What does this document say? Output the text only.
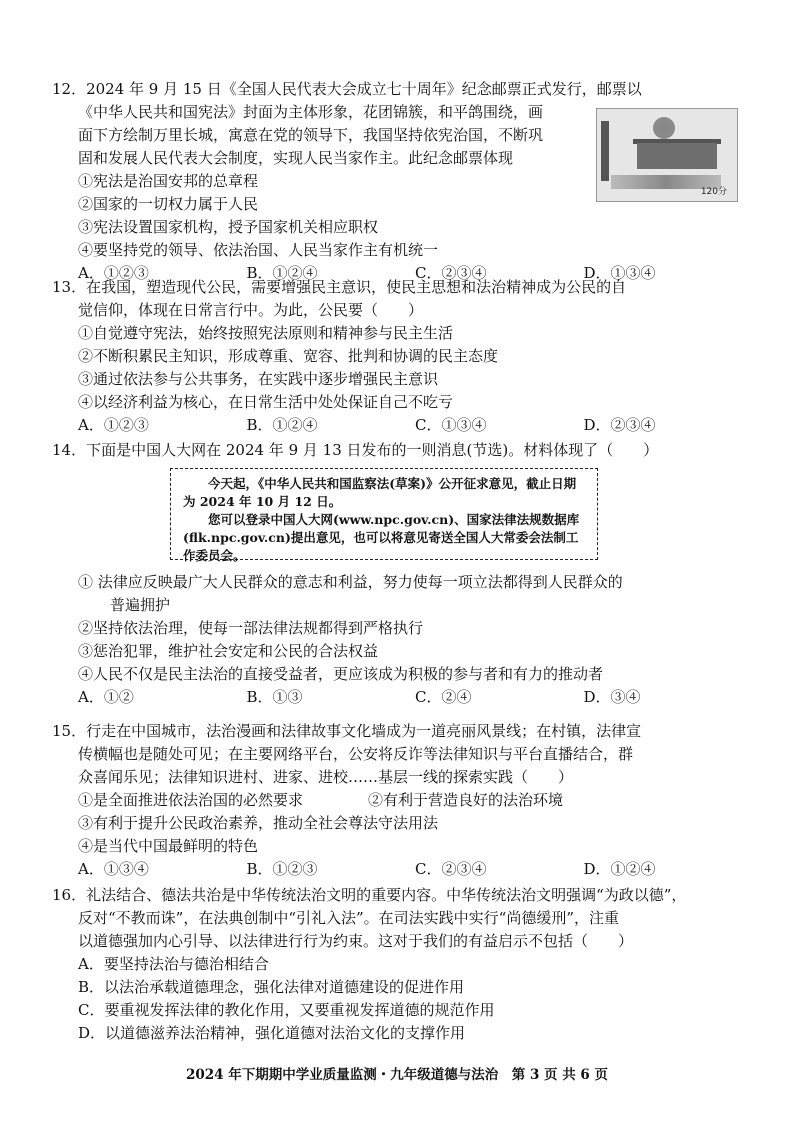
12．2024 年 9 月 15 日《全国人民代表大会成立七十周年》纪念邮票正式发行，邮票以
《中华人民共和国宪法》封面为主体形象，花团锦簇，和平鸽围绕，画
面下方绘制万里长城，寓意在党的领导下，我国坚持依宪治国，不断巩
固和发展人民代表大会制度，实现人民当家作主。此纪念邮票体现
①宪法是治国安邦的总章程
②国家的一切权力属于人民
③宪法设置国家机构，授予国家机关相应职权
④要坚持党的领导、依法治国、人民当家作主有机统一
A．①②③	B．①②④	C．②③④	D．①③④
120分
13．在我国，塑造现代公民，需要增强民主意识，使民主思想和法治精神成为公民的自
觉信仰，体现在日常言行中。为此，公民要（　　）
①自觉遵守宪法，始终按照宪法原则和精神参与民主生活
②不断积累民主知识，形成尊重、宽容、批判和协调的民主态度
③通过依法参与公共事务，在实践中逐步增强民主意识
④以经济利益为核心，在日常生活中处处保证自己不吃亏
A．①②③	B．①②④	C．①③④	D．②③④
14．下面是中国人大网在 2024 年 9 月 13 日发布的一则消息(节选)。材料体现了（　　）

今天起，《中华人民共和国监察法(草案)》公开征求意见，截止日期为 2024 年 10 月 12 日。

您可以登录中国人大网(www.npc.gov.cn)、国家法律法规数据库(flk.npc.gov.cn)提出意见，也可以将意见寄送全国人大常委会法制工作委员会。

① 法律应反映最广大人民群众的意志和利益，努力使每一项立法都得到人民群众的
普遍拥护
②坚持依法治理，使每一部法律法规都得到严格执行
③惩治犯罪，维护社会安定和公民的合法权益
④人民不仅是民主法治的直接受益者，更应该成为积极的参与者和有力的推动者
A．①②	B．①③	C．②④	D．③④
15．行走在中国城市，法治漫画和法律故事文化墙成为一道亮丽风景线；在村镇，法律宣
传横幅也是随处可见；在主要网络平台，公安将反诈等法律知识与平台直播结合，群
众喜闻乐见；法律知识进村、进家、进校……基层一线的探索实践（　　）
①是全面推进依法治国的必然要求	②有利于营造良好的法治环境
③有利于提升公民政治素养，推动全社会尊法守法用法
④是当代中国最鲜明的特色
A．①③④	B．①②③	C．②③④	D．①②④
16．礼法结合、德法共治是中华传统法治文明的重要内容。中华传统法治文明强调“为政以德”，
反对“不教而诛”，在法典创制中“引礼入法”。在司法实践中实行“尚德缓刑”，注重
以道德强加内心引导、以法律进行行为约束。这对于我们的有益启示不包括（　　）
A．要坚持法治与德治相结合
B．以法治承载道德理念，强化法律对道德建设的促进作用
C．要重视发挥法律的教化作用，又要重视发挥道德的规范作用
D．以道德滋养法治精神，强化道德对法治文化的支撑作用
2024 年下期期中学业质量监测・九年级道德与法治　第 3 页 共 6 页
